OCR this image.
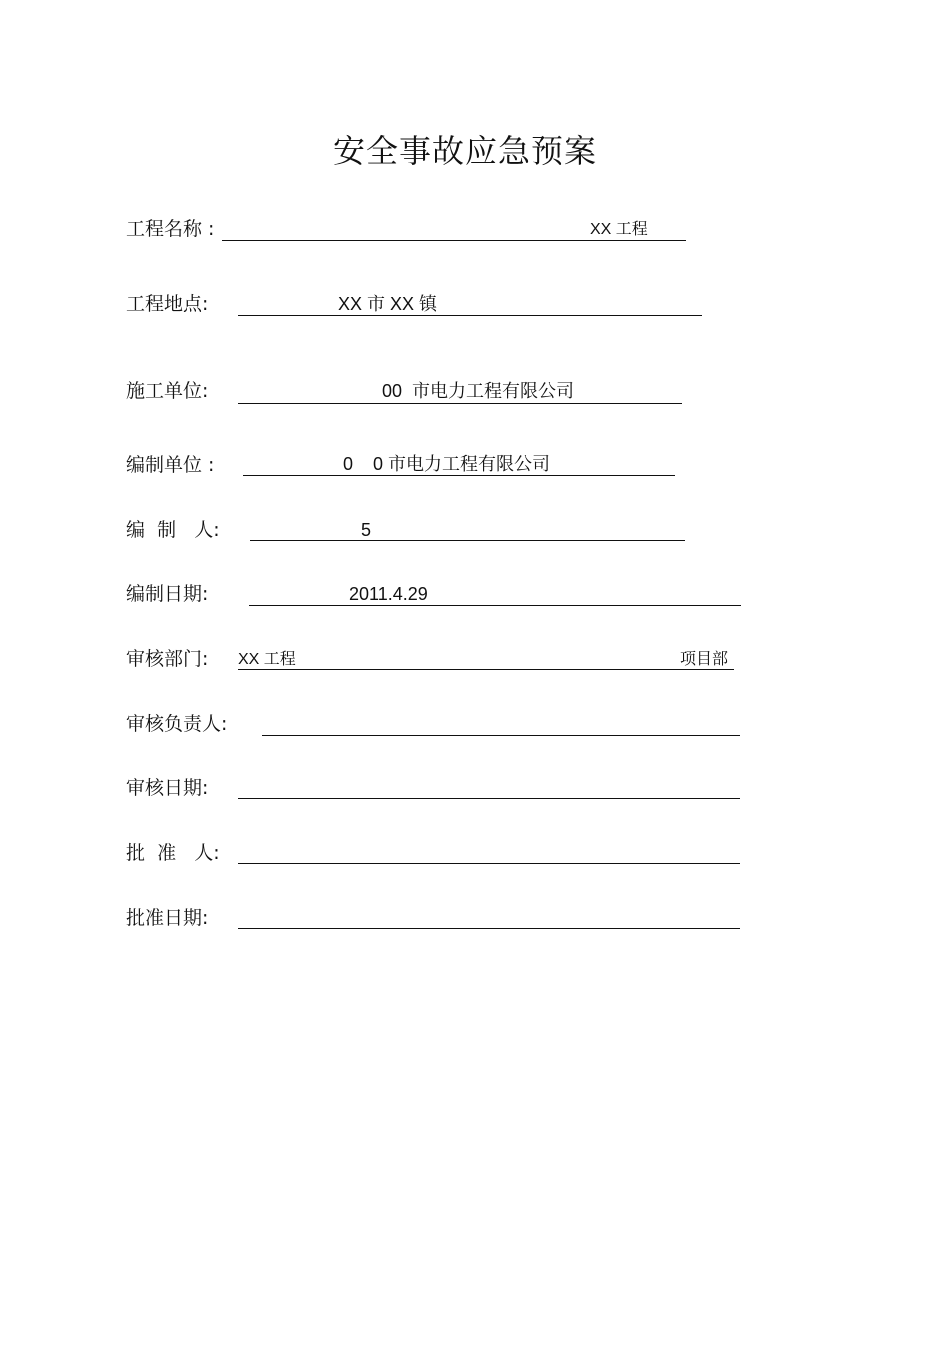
安全事故应急预案
工程名称 :	XX 工程
工程地点:	XX 市 XX 镇
施工单位:	00  市电力工程有限公司
编制单位 :	0    0 市电力工程有限公司
编  制   人:	5
编制日期:	2011.4.29
审核部门: XX 工程	项目部
审核负责人:
审核日期:
批  准   人:
批准日期:
